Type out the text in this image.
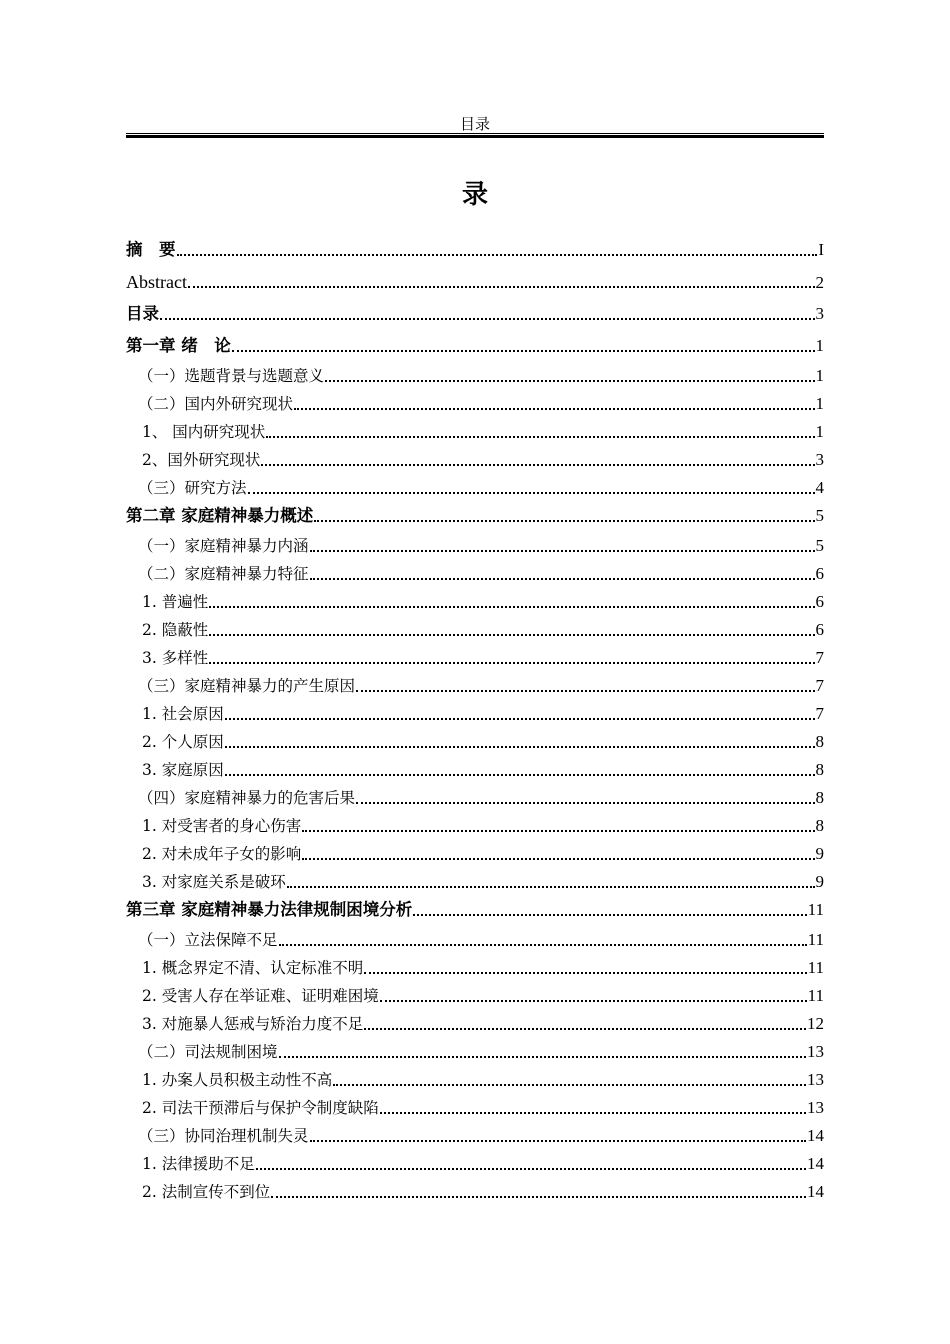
目录
录
摘　要	I
Abstract	2
目录	3
第一章 绪　论	1
（一）选题背景与选题意义	1
（二）国内外研究现状	1
1、 国内研究现状	1
2、国外研究现状	3
（三）研究方法	4
第二章 家庭精神暴力概述	5
（一）家庭精神暴力内涵	5
（二）家庭精神暴力特征	6
1. 普遍性	6
2. 隐蔽性	6
3. 多样性	7
（三）家庭精神暴力的产生原因	7
1. 社会原因	7
2. 个人原因	8
3. 家庭原因	8
（四）家庭精神暴力的危害后果	8
1. 对受害者的身心伤害	8
2. 对未成年子女的影响	9
3. 对家庭关系是破环	9
第三章 家庭精神暴力法律规制困境分析	11
（一）立法保障不足	11
1. 概念界定不清、认定标准不明	11
2. 受害人存在举证难、证明难困境	11
3. 对施暴人惩戒与矫治力度不足	12
（二）司法规制困境	13
1. 办案人员积极主动性不高	13
2. 司法干预滞后与保护令制度缺陷	13
（三）协同治理机制失灵	14
1. 法律援助不足	14
2. 法制宣传不到位	14
